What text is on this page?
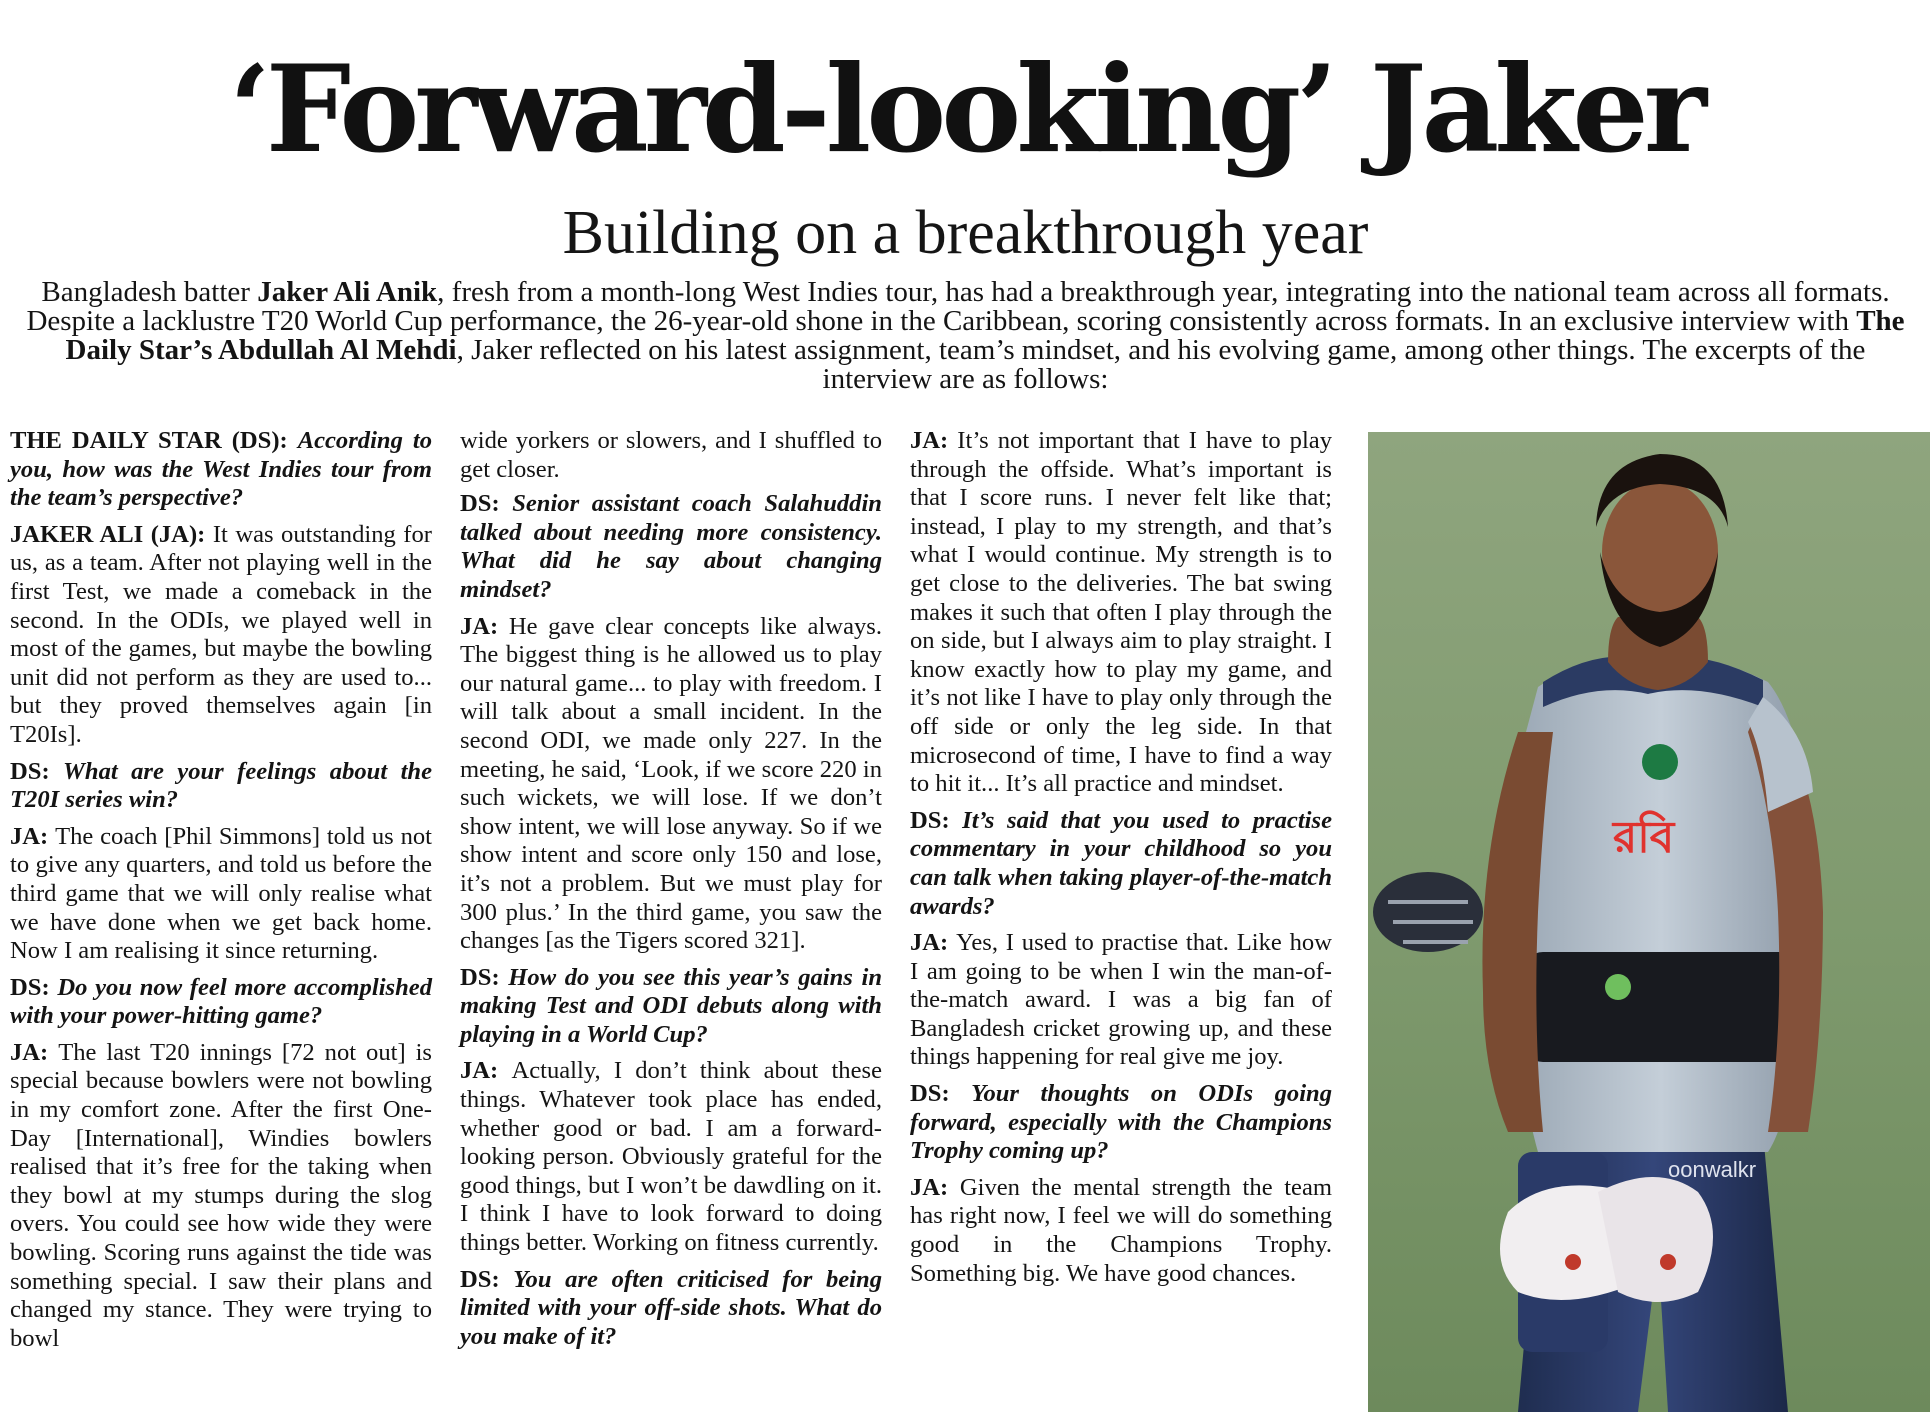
‘Forward-looking’ Jaker
Building on a breakthrough year
Bangladesh batter Jaker Ali Anik, fresh from a month-long West Indies tour, has had a breakthrough year, integrating into the national team across all formats. Despite a lacklustre T20 World Cup performance, the 26-year-old shone in the Caribbean, scoring consistently across formats. In an exclusive interview with The Daily Star’s Abdullah Al Mehdi, Jaker reflected on his latest assignment, team’s mindset, and his evolving game, among other things. The excerpts of the interview are as follows:

THE DAILY STAR (DS): According to you, how was the West Indies tour from the team’s perspective?

JAKER ALI (JA): It was outstanding for us, as a team. After not playing well in the first Test, we made a comeback in the second. In the ODIs, we played well in most of the games, but maybe the bowling unit did not perform as they are used to... but they proved themselves again [in T20Is].

DS: What are your feelings about the T20I series win?

JA: The coach [Phil Simmons] told us not to give any quarters, and told us before the third game that we will only realise what we have done when we get back home. Now I am realising it since returning.

DS: Do you now feel more accomplished with your power-hitting game?

JA: The last T20 innings [72 not out] is special because bowlers were not bowling in my comfort zone. After the first One-Day [International], Windies bowlers realised that it’s free for the taking when they bowl at my stumps during the slog overs. You could see how wide they were bowling. Scoring runs against the tide was something special. I saw their plans and changed my stance. They were trying to bowl

wide yorkers or slowers, and I shuffled to get closer.

DS: Senior assistant coach Salahuddin talked about needing more consistency. What did he say about changing mindset?

JA: He gave clear concepts like always. The biggest thing is he allowed us to play our natural game... to play with freedom. I will talk about a small incident. In the second ODI, we made only 227. In the meeting, he said, ‘Look, if we score 220 in such wickets, we will lose. If we don’t show intent, we will lose anyway. So if we show intent and score only 150 and lose, it’s not a problem. But we must play for 300 plus.’ In the third game, you saw the changes [as the Tigers scored 321].

DS: How do you see this year’s gains in making Test and ODI debuts along with playing in a World Cup?

JA: Actually, I don’t think about these things. Whatever took place has ended, whether good or bad. I am a forward-looking person. Obviously grateful for the good things, but I won’t be dawdling on it. I think I have to look forward to doing things better. Working on fitness currently.

DS: You are often criticised for being limited with your off-side shots. What do you make of it?

JA: It’s not important that I have to play through the offside. What’s important is that I score runs. I never felt like that; instead, I play to my strength, and that’s what I would continue. My strength is to get close to the deliveries. The bat swing makes it such that often I play through the on side, but I always aim to play straight. I know exactly how to play my game, and it’s not like I have to play only through the off side or only the leg side. In that microsecond of time, I have to find a way to hit it... It’s all practice and mindset.

DS: It’s said that you used to practise commentary in your childhood so you can talk when taking player-of-the-match awards?

JA: Yes, I used to practise that. Like how I am going to be when I win the man-of-the-match award. I was a big fan of Bangladesh cricket growing up, and these things happening for real give me joy.

DS: Your thoughts on ODIs going forward, especially with the Champions Trophy coming up?

JA: Given the mental strength the team has right now, I feel we will do something good in the Champions Trophy. Something big. We have good chances.

oonwalkr
রবি
